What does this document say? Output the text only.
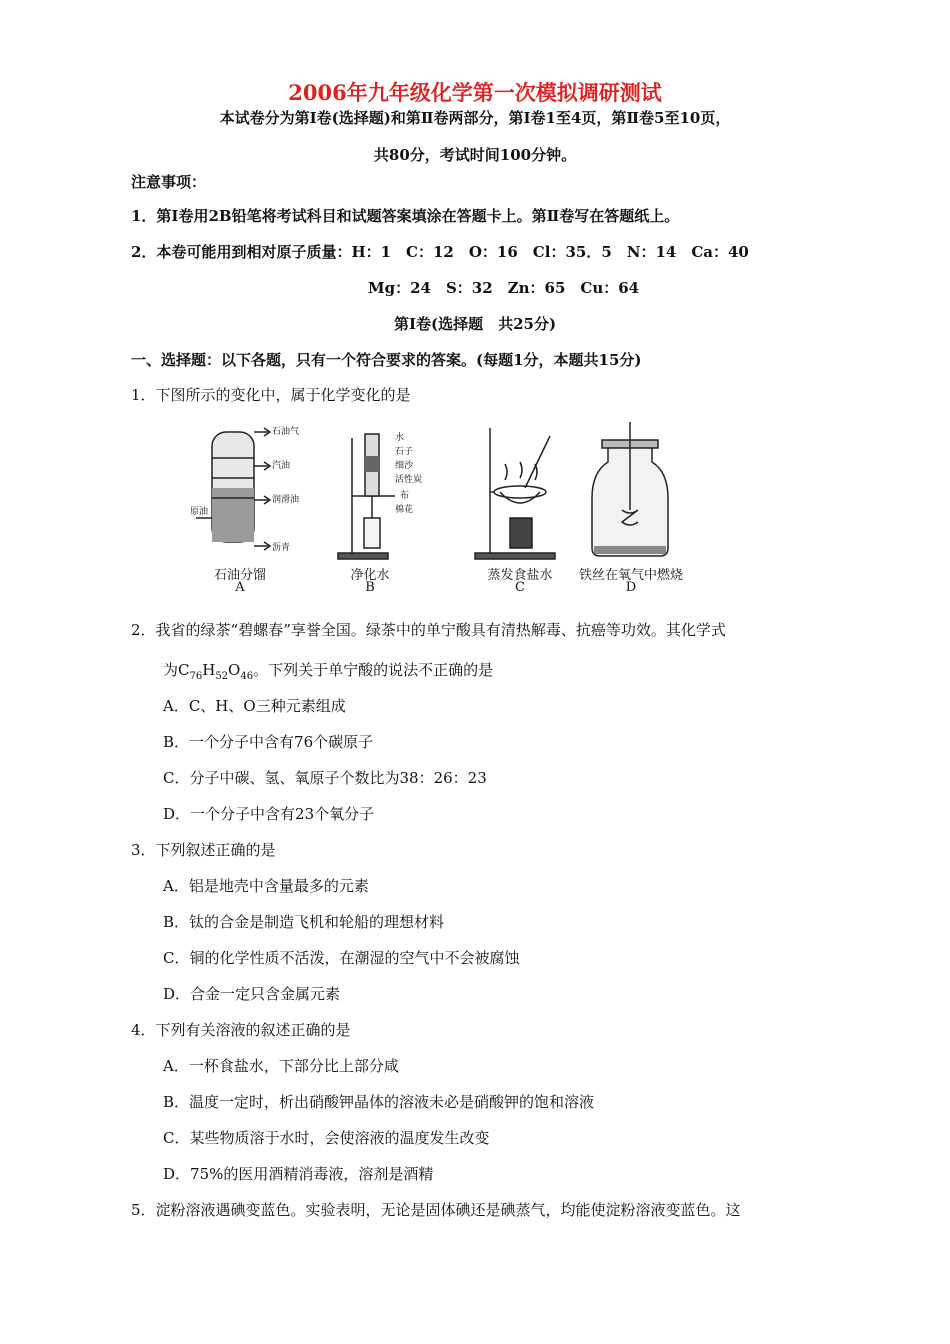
2006年九年级化学第一次模拟调研测试
本试卷分为第Ⅰ卷(选择题)和第Ⅱ卷两部分，第Ⅰ卷1至4页，第Ⅱ卷5至10页，
共80分，考试时间100分钟。
注意事项：
1．第Ⅰ卷用2B铅笔将考试科目和试题答案填涂在答题卡上。第Ⅱ卷写在答题纸上。
2．本卷可能用到相对原子质量：H：1　C：12　O：16　Cl：35．5　N：14　Ca：40
Mg：24　S：32　Zn：65　Cu：64
第Ⅰ卷(选择题　共25分)
一、选择题：以下各题，只有一个符合要求的答案。(每题1分，本题共15分)
1．下图所示的变化中，属于化学变化的是
石油气
汽油
润滑油
原油
沥青
石油分馏
A
水
石子
细沙
活性炭
布
棉花
净化水
B
蒸发食盐水
C
铁丝在氧气中燃烧
D
2．我省的绿茶“碧螺春”享誉全国。绿茶中的单宁酸具有清热解毒、抗癌等功效。其化学式
为$C_{76}H_{52}O_{46}$。下列关于单宁酸的说法不正确的是
A．C、H、O三种元素组成
B．一个分子中含有76个碳原子
C．分子中碳、氢、氧原子个数比为38：26：23
D．一个分子中含有23个氧分子
3．下列叙述正确的是
A．铝是地壳中含量最多的元素
B．钛的合金是制造飞机和轮船的理想材料
C．铜的化学性质不活泼，在潮湿的空气中不会被腐蚀
D．合金一定只含金属元素
4．下列有关溶液的叙述正确的是
A．一杯食盐水，下部分比上部分咸
B．温度一定时，析出硝酸钾晶体的溶液未必是硝酸钾的饱和溶液
C．某些物质溶于水时，会使溶液的温度发生改变
D．75%的医用酒精消毒液，溶剂是酒精
5．淀粉溶液遇碘变蓝色。实验表明，无论是固体碘还是碘蒸气，均能使淀粉溶液变蓝色。这
